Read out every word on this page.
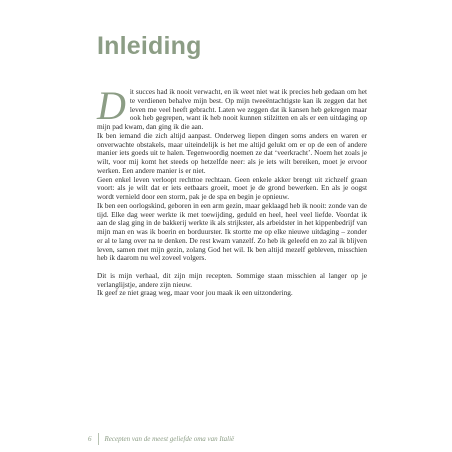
Inleiding

Dit succes had ik nooit verwacht, en ik weet niet wat ik precies heb gedaan om het te verdienen behalve mijn best. Op mijn tweeëntachtigste kan ik zeggen dat het leven me veel heeft gebracht. Laten we zeggen dat ik kansen heb gekregen maar ook heb gegrepen, want ik heb nooit kunnen stilzitten en als er een uitdaging op mijn pad kwam, dan ging ik die aan.

Ik ben iemand die zich altijd aanpast. Onderweg liepen dingen soms anders en waren er onverwachte obstakels, maar uiteindelijk is het me altijd gelukt om er op de een of andere manier iets goeds uit te halen. Tegenwoordig noemen ze dat ‘veerkracht’. Noem het zoals je wilt, voor mij komt het steeds op hetzelfde neer: als je iets wilt bereiken, moet je ervoor werken. Een andere manier is er niet.

Geen enkel leven verloopt rechttoe rechtaan. Geen enkele akker brengt uit zichzelf graan voort: als je wilt dat er iets eetbaars groeit, moet je de grond bewerken. En als je oogst wordt vernield door een storm, pak je de spa en begin je opnieuw.

Ik ben een oorlogskind, geboren in een arm gezin, maar geklaagd heb ik nooit: zonde van de tijd. Elke dag weer werkte ik met toewijding, geduld en heel, heel veel liefde. Voordat ik aan de slag ging in de bakkerij werkte ik als strijkster, als arbeidster in het kippenbedrijf van mijn man en was ik boerin en borduurster. Ik stortte me op elke nieuwe uitdaging – zonder er al te lang over na te denken. De rest kwam vanzelf. Zo heb ik geleefd en zo zal ik blijven leven, samen met mijn gezin, zolang God het wil. Ik ben altijd mezelf gebleven, misschien heb ik daarom nu wel zoveel volgers.

Dit is mijn verhaal, dit zijn mijn recepten. Sommige staan misschien al langer op je verlanglijstje, andere zijn nieuw.

Ik geef ze niet graag weg, maar voor jou maak ik een uitzondering.

6 Recepten van de meest geliefde oma van Italië
